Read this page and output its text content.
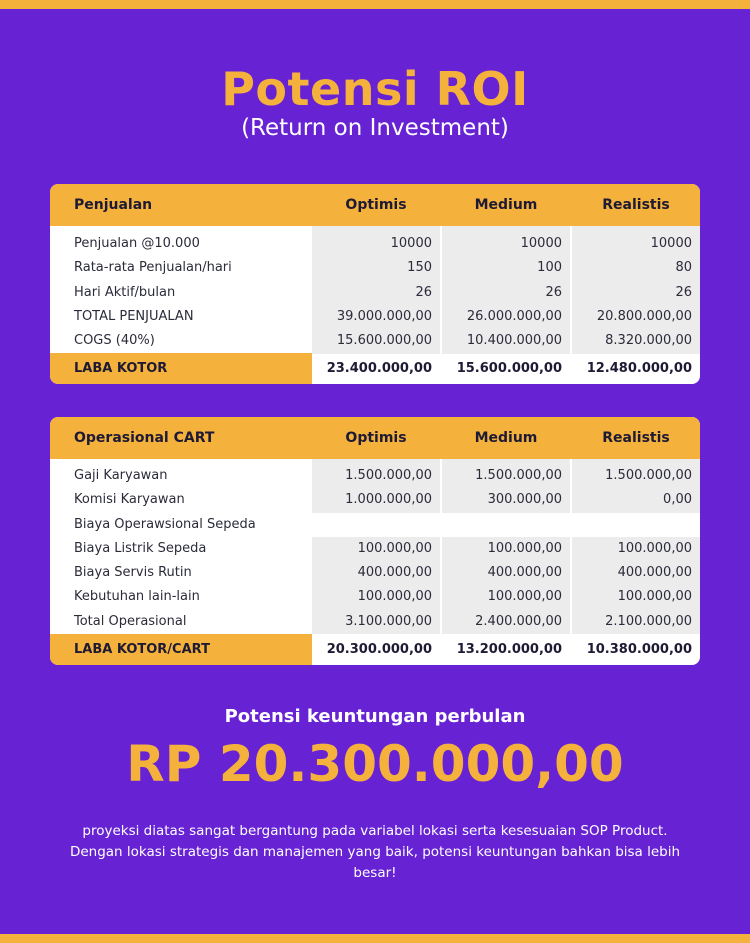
Potensi ROI
(Return on Investment)
Penjualan	Optimis	Medium	Realistis
Penjualan @10.000	10000	10000	10000
Rata-rata Penjualan/hari	150	100	80
Hari Aktif/bulan	26	26	26
TOTAL PENJUALAN	39.000.000,00	26.000.000,00	20.800.000,00
COGS (40%)	15.600.000,00	10.400.000,00	8.320.000,00
LABA KOTOR	23.400.000,00	15.600.000,00	12.480.000,00
Operasional CART	Optimis	Medium	Realistis
Gaji Karyawan	1.500.000,00	1.500.000,00	1.500.000,00
Komisi Karyawan	1.000.000,00	300.000,00	0,00
Biaya Operawsional Sepeda
Biaya Listrik Sepeda	100.000,00	100.000,00	100.000,00
Biaya Servis Rutin	400.000,00	400.000,00	400.000,00
Kebutuhan lain-lain	100.000,00	100.000,00	100.000,00
Total Operasional	3.100.000,00	2.400.000,00	2.100.000,00
LABA KOTOR/CART	20.300.000,00	13.200.000,00	10.380.000,00
Potensi keuntungan perbulan
RP 20.300.000,00
proyeksi diatas sangat bergantung pada variabel lokasi serta kesesuaian SOP Product. Dengan lokasi strategis dan manajemen yang baik, potensi keuntungan bahkan bisa lebih besar!
